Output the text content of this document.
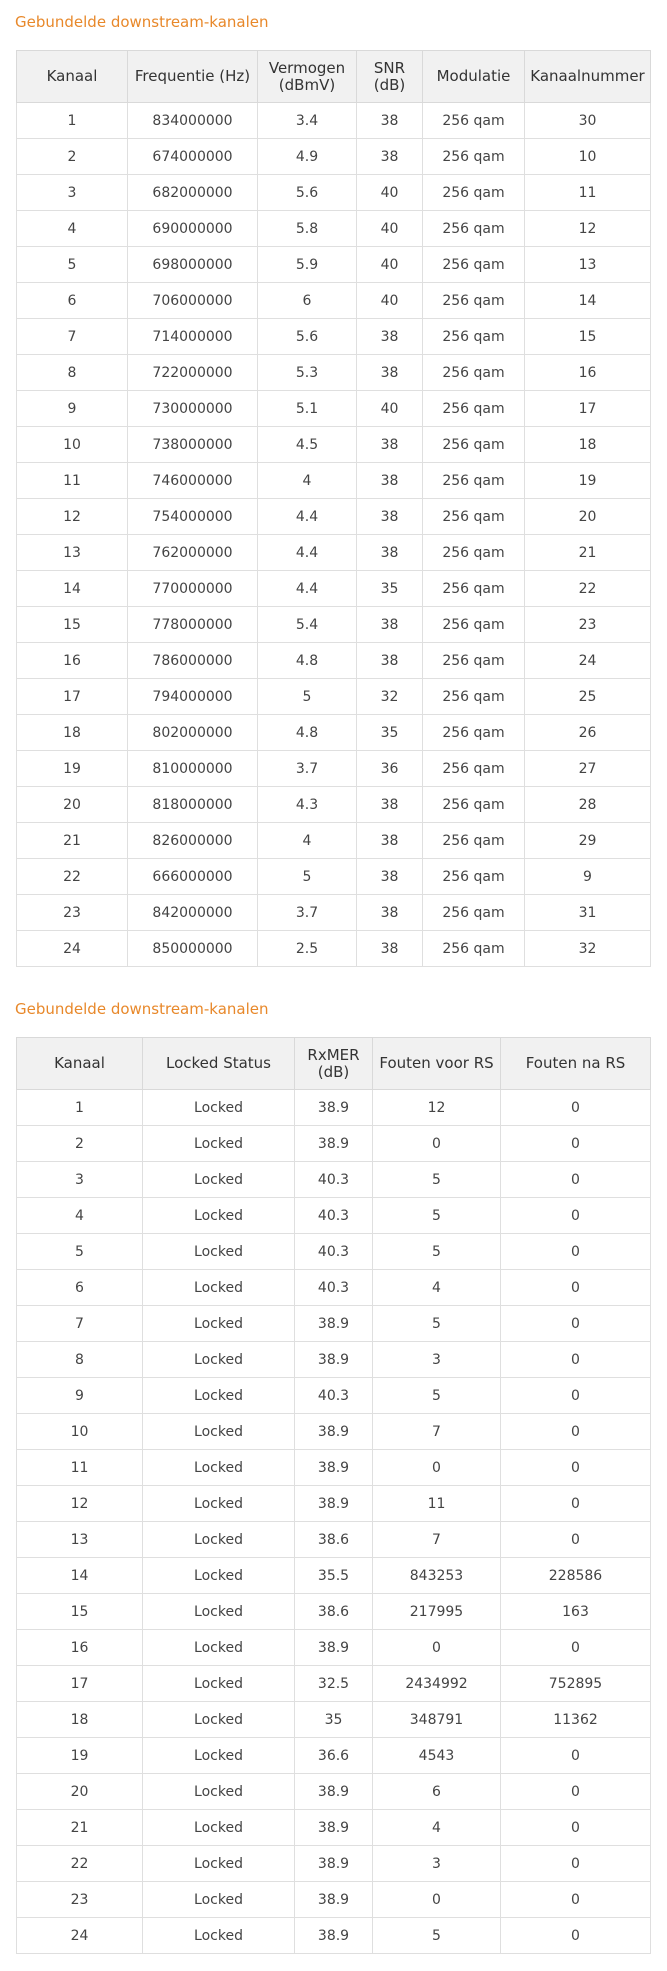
Gebundelde downstream-kanalen
Kanaal	Frequentie (Hz)	Vermogen (dBmV)	SNR (dB)	Modulatie	Kanaalnummer
1	834000000	3.4	38	256 qam	30
2	674000000	4.9	38	256 qam	10
3	682000000	5.6	40	256 qam	11
4	690000000	5.8	40	256 qam	12
5	698000000	5.9	40	256 qam	13
6	706000000	6	40	256 qam	14
7	714000000	5.6	38	256 qam	15
8	722000000	5.3	38	256 qam	16
9	730000000	5.1	40	256 qam	17
10	738000000	4.5	38	256 qam	18
11	746000000	4	38	256 qam	19
12	754000000	4.4	38	256 qam	20
13	762000000	4.4	38	256 qam	21
14	770000000	4.4	35	256 qam	22
15	778000000	5.4	38	256 qam	23
16	786000000	4.8	38	256 qam	24
17	794000000	5	32	256 qam	25
18	802000000	4.8	35	256 qam	26
19	810000000	3.7	36	256 qam	27
20	818000000	4.3	38	256 qam	28
21	826000000	4	38	256 qam	29
22	666000000	5	38	256 qam	9
23	842000000	3.7	38	256 qam	31
24	850000000	2.5	38	256 qam	32
Gebundelde downstream-kanalen
Kanaal	Locked Status	RxMER (dB)	Fouten voor RS	Fouten na RS
1	Locked	38.9	12	0
2	Locked	38.9	0	0
3	Locked	40.3	5	0
4	Locked	40.3	5	0
5	Locked	40.3	5	0
6	Locked	40.3	4	0
7	Locked	38.9	5	0
8	Locked	38.9	3	0
9	Locked	40.3	5	0
10	Locked	38.9	7	0
11	Locked	38.9	0	0
12	Locked	38.9	11	0
13	Locked	38.6	7	0
14	Locked	35.5	843253	228586
15	Locked	38.6	217995	163
16	Locked	38.9	0	0
17	Locked	32.5	2434992	752895
18	Locked	35	348791	11362
19	Locked	36.6	4543	0
20	Locked	38.9	6	0
21	Locked	38.9	4	0
22	Locked	38.9	3	0
23	Locked	38.9	0	0
24	Locked	38.9	5	0
